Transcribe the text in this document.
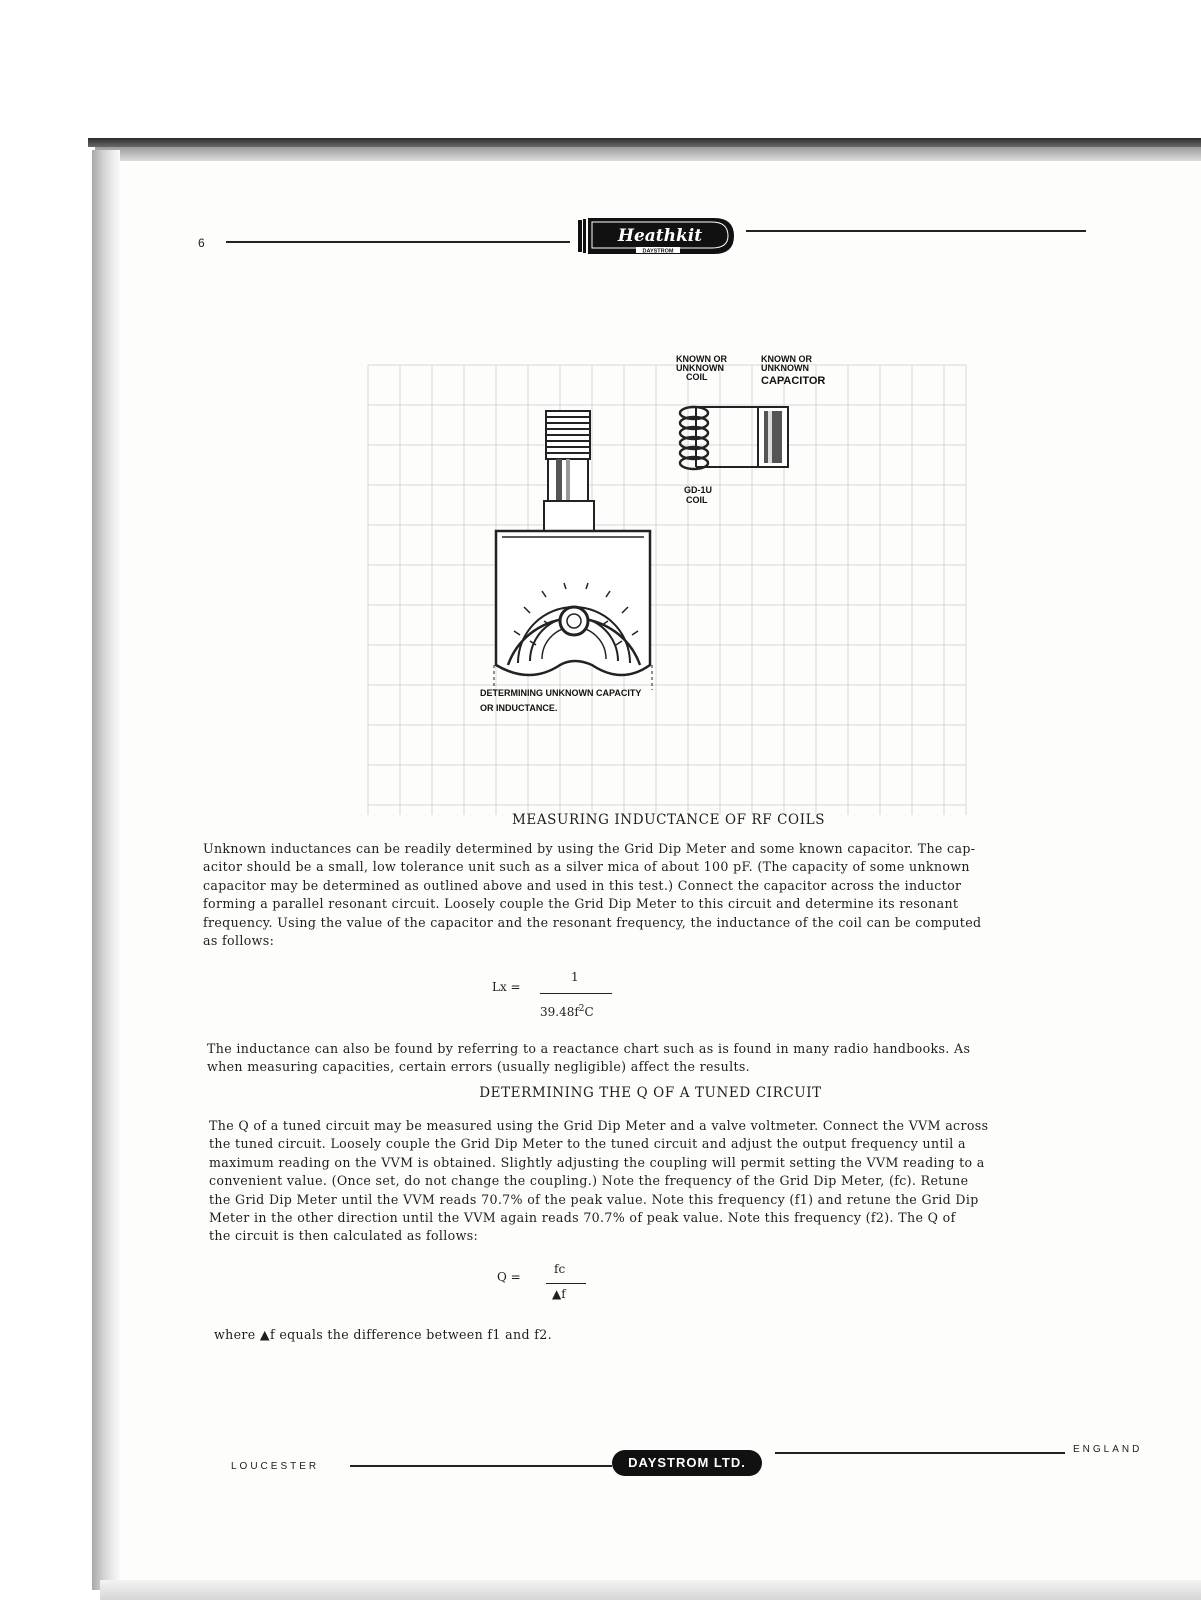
6	Heathkit
DAYSTROM
KNOWN OR
UNKNOWN
COIL
KNOWN OR
UNKNOWN
CAPACITOR
GD-1U
COIL
DETERMINING UNKNOWN CAPACITY
OR INDUCTANCE.
MEASURING INDUCTANCE OF RF COILS
Unknown inductances can be readily determined by using the Grid Dip Meter and some known capacitor. The cap-
acitor should be a small, low tolerance unit such as a silver mica of about 100 pF. (The capacity of some unknown
capacitor may be determined as outlined above and used in this test.) Connect the capacitor across the inductor
forming a parallel resonant circuit. Loosely couple the Grid Dip Meter to this circuit and determine its resonant
frequency. Using the value of the capacitor and the resonant frequency, the inductance of the coil can be computed
as follows:
Lx =
1
$39.48f^2C$
The inductance can also be found by referring to a reactance chart such as is found in many radio handbooks. As
when measuring capacities, certain errors (usually negligible) affect the results.
DETERMINING THE Q OF A TUNED CIRCUIT
The Q of a tuned circuit may be measured using the Grid Dip Meter and a valve voltmeter. Connect the VVM across
the tuned circuit. Loosely couple the Grid Dip Meter to the tuned circuit and adjust the output frequency until a
maximum reading on the VVM is obtained. Slightly adjusting the coupling will permit setting the VVM reading to a
convenient value. (Once set, do not change the coupling.) Note the frequency of the Grid Dip Meter, (fc). Retune
the Grid Dip Meter until the VVM reads 70.7% of the peak value. Note this frequency (f1) and retune the Grid Dip
Meter in the other direction until the VVM again reads 70.7% of peak value. Note this frequency (f2). The Q of
the circuit is then calculated as follows:
Q =
fc
▲f
where ▲f equals the difference between f1 and f2.
LOUCESTER	DAYSTROM LTD.
ENGLAND
